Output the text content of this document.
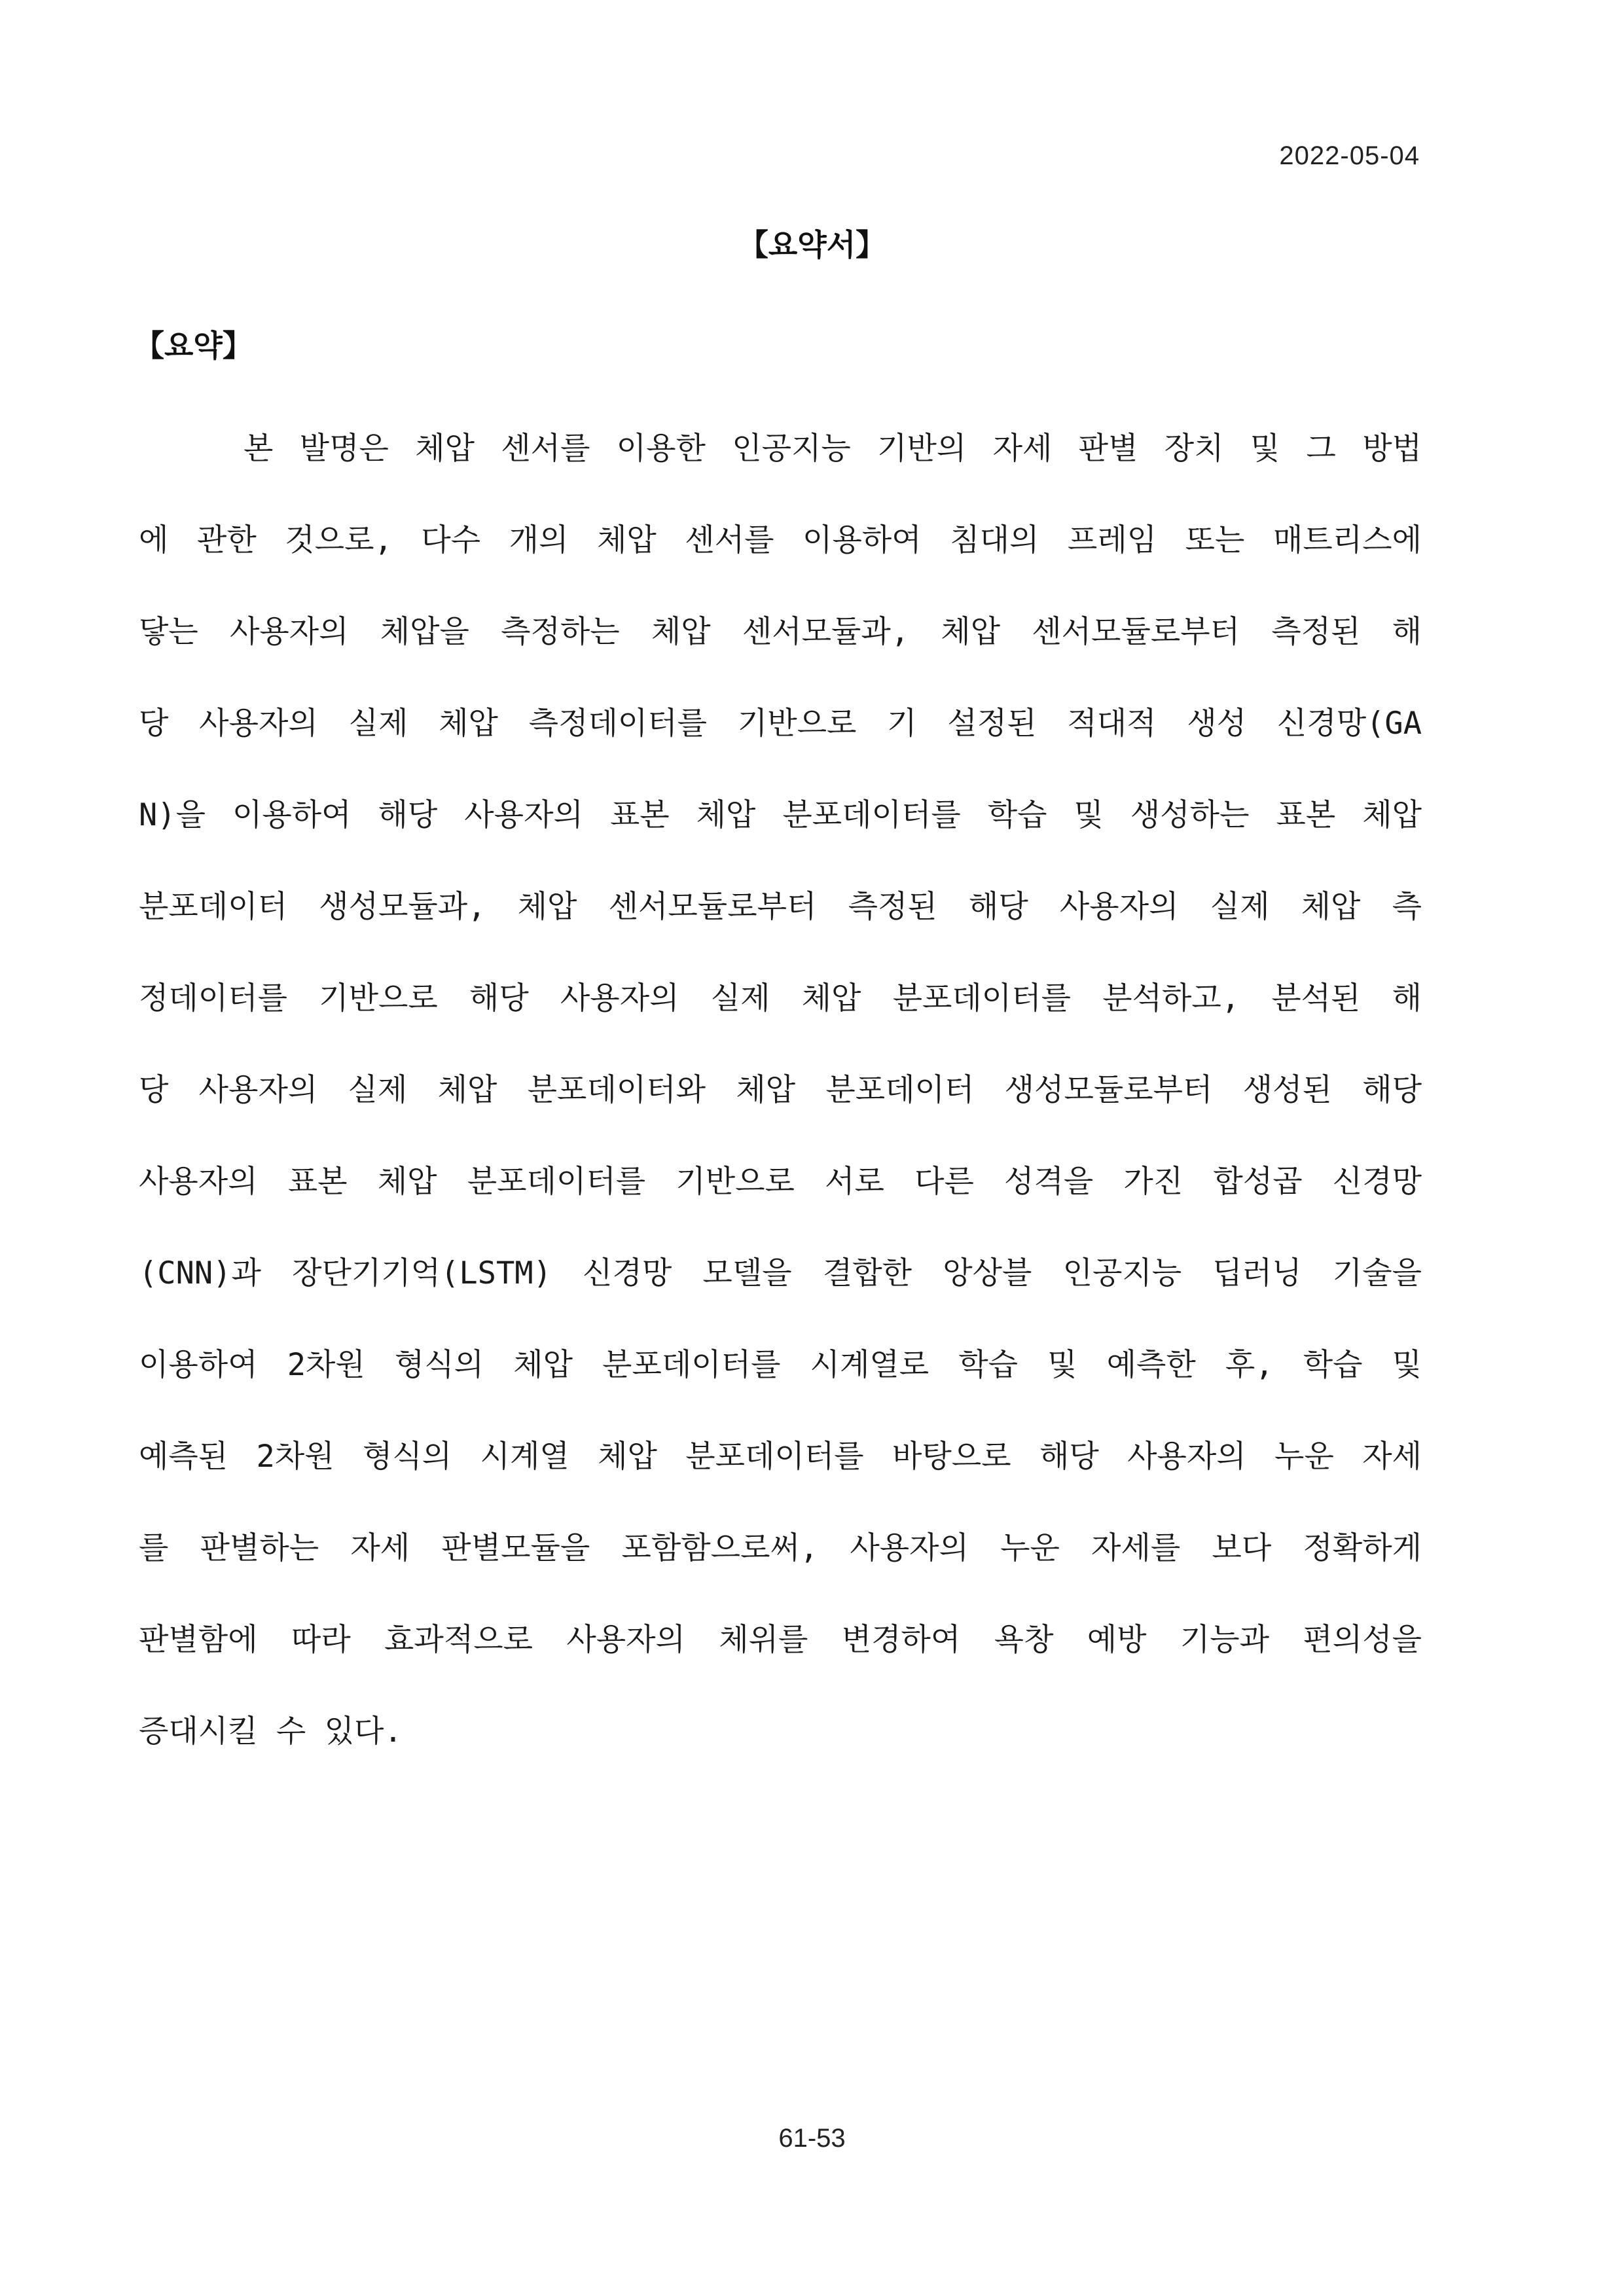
2022-05-04
【요약서】
【요약】
본 발명은 체압 센서를 이용한 인공지능 기반의 자세 판별 장치 및 그 방법
에 관한 것으로, 다수 개의 체압 센서를 이용하여 침대의 프레임 또는 매트리스에
닿는 사용자의 체압을 측정하는 체압 센서모듈과, 체압 센서모듈로부터 측정된 해
당 사용자의 실제 체압 측정데이터를 기반으로 기 설정된 적대적 생성 신경망(GA
N)을 이용하여 해당 사용자의 표본 체압 분포데이터를 학습 및 생성하는 표본 체압
분포데이터 생성모듈과, 체압 센서모듈로부터 측정된 해당 사용자의 실제 체압 측
정데이터를 기반으로 해당 사용자의 실제 체압 분포데이터를 분석하고, 분석된 해
당 사용자의 실제 체압 분포데이터와 체압 분포데이터 생성모듈로부터 생성된 해당
사용자의 표본 체압 분포데이터를 기반으로 서로 다른 성격을 가진 합성곱 신경망
(CNN)과 장단기기억(LSTM) 신경망 모델을 결합한 앙상블 인공지능 딥러닝 기술을
이용하여 2차원 형식의 체압 분포데이터를 시계열로 학습 및 예측한 후, 학습 및
예측된 2차원 형식의 시계열 체압 분포데이터를 바탕으로 해당 사용자의 누운 자세
를 판별하는 자세 판별모듈을 포함함으로써, 사용자의 누운 자세를 보다 정확하게
판별함에 따라 효과적으로 사용자의 체위를 변경하여 욕창 예방 기능과 편의성을
증대시킬 수 있다.
61-53
